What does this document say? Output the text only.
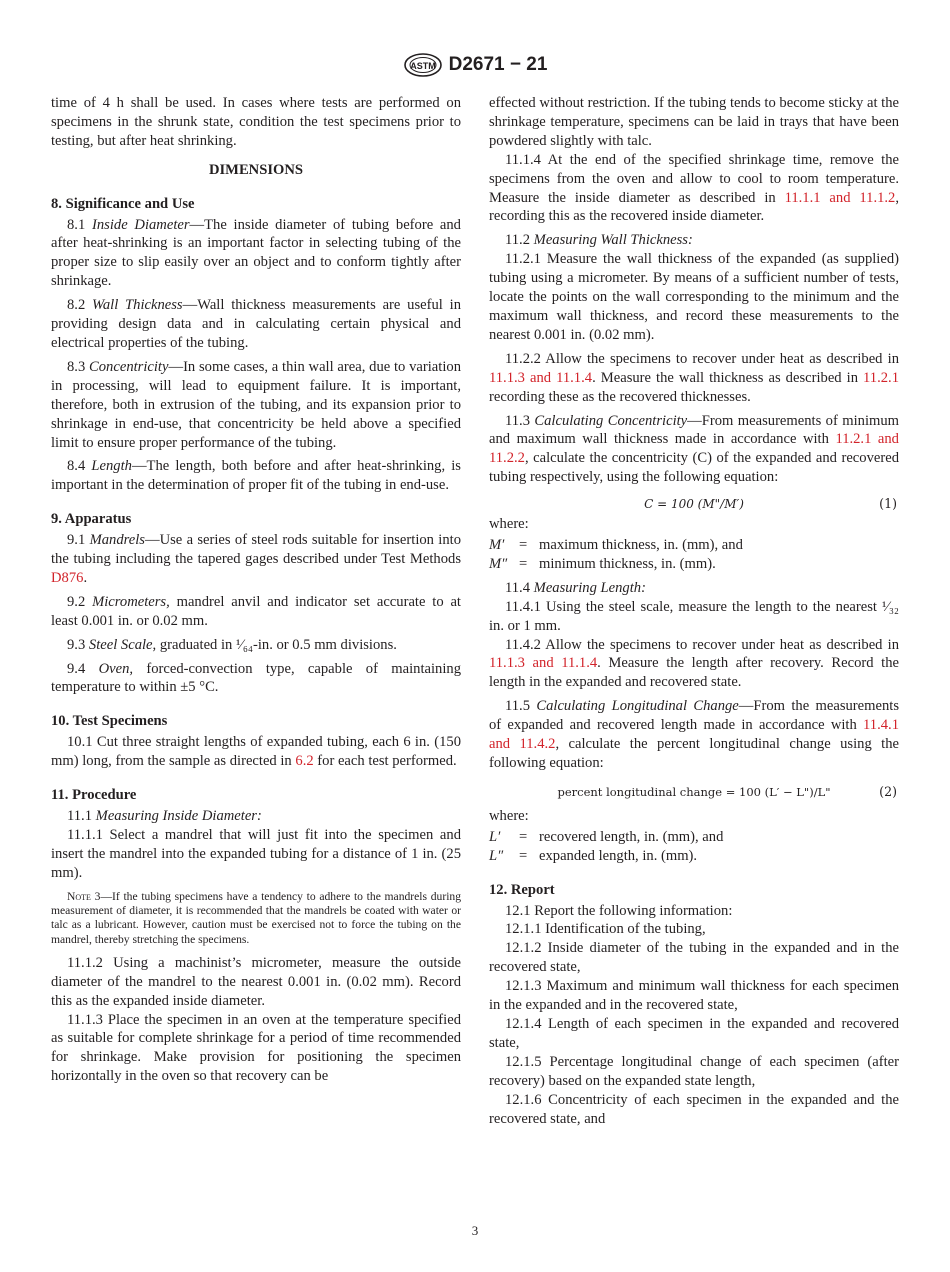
ASTM D2671 − 21

time of 4 h shall be used. In cases where tests are performed on specimens in the shrunk state, condition the test specimens prior to testing, but after heat shrinking.

DIMENSIONS
8. Significance and Use

8.1 Inside Diameter—The inside diameter of tubing before and after heat-shrinking is an important factor in selecting tubing of the proper size to slip easily over an object and to conform tightly after shrinkage.

8.2 Wall Thickness—Wall thickness measurements are useful in providing design data and in calculating certain physical and electrical properties of the tubing.

8.3 Concentricity—In some cases, a thin wall area, due to variation in processing, will lead to equipment failure. It is important, therefore, both in extrusion of the tubing, and its expansion prior to shrinkage in end-use, that concentricity be held above a specified limit to ensure proper performance of the tubing.

8.4 Length—The length, both before and after heat-shrinking, is important in the determination of proper fit of the tubing in end-use.

9. Apparatus

9.1 Mandrels—Use a series of steel rods suitable for insertion into the tubing including the tapered gages described under Test Methods D876.

9.2 Micrometers, mandrel anvil and indicator set accurate to at least 0.001 in. or 0.02 mm.

9.3 Steel Scale, graduated in ¹⁄₆₄-in. or 0.5 mm divisions.

9.4 Oven, forced-convection type, capable of maintaining temperature to within ±5 °C.

10. Test Specimens

10.1 Cut three straight lengths of expanded tubing, each 6 in. (150 mm) long, from the sample as directed in 6.2 for each test performed.

11. Procedure

11.1 Measuring Inside Diameter:

11.1.1 Select a mandrel that will just fit into the specimen and insert the mandrel into the expanded tubing for a distance of 1 in. (25 mm).

Note 3—If the tubing specimens have a tendency to adhere to the mandrels during measurement of diameter, it is recommended that the mandrels be coated with water or talc as a lubricant. However, caution must be exercised not to force the tubing on the mandrel, thereby stretching the specimens.

11.1.2 Using a machinist’s micrometer, measure the outside diameter of the mandrel to the nearest 0.001 in. (0.02 mm). Record this as the expanded inside diameter.

11.1.3 Place the specimen in an oven at the temperature specified as suitable for complete shrinkage for a period of time recommended for shrinkage. Make provision for positioning the specimen horizontally in the oven so that recovery can be

effected without restriction. If the tubing tends to become sticky at the shrinkage temperature, specimens can be laid in trays that have been powdered slightly with talc.

11.1.4 At the end of the specified shrinkage time, remove the specimens from the oven and allow to cool to room temperature. Measure the inside diameter as described in 11.1.1 and 11.1.2, recording this as the recovered inside diameter.

11.2 Measuring Wall Thickness:

11.2.1 Measure the wall thickness of the expanded (as supplied) tubing using a micrometer. By means of a sufficient number of tests, locate the points on the wall corresponding to the minimum and the maximum wall thickness, and record these measurements to the nearest 0.001 in. (0.02 mm).

11.2.2 Allow the specimens to recover under heat as described in 11.1.3 and 11.1.4. Measure the wall thickness as described in 11.2.1 recording these as the recovered thicknesses.

11.3 Calculating Concentricity—From measurements of minimum and maximum wall thickness made in accordance with 11.2.1 and 11.2.2, calculate the concentricity (C) of the expanded and recovered tubing respectively, using the following equation:

C = 100 (M"/M′)	(1)

where:

M′	= maximum thickness, in. (mm), and
M″ = minimum thickness, in. (mm).

11.4 Measuring Length:

11.4.1 Using the steel scale, measure the length to the nearest ¹⁄₃₂ in. or 1 mm.

11.4.2 Allow the specimens to recover under heat as described in 11.1.3 and 11.1.4. Measure the length after recovery. Record the length in the expanded and recovered state.

11.5 Calculating Longitudinal Change—From the measurements of expanded and recovered length made in accordance with 11.4.1 and 11.4.2, calculate the percent longitudinal change using the following equation:

percent longitudinal change = 100 (L′ − L")/L"	(2)

where:

L′	= recovered length, in. (mm), and
L″	= expanded length, in. (mm).
12. Report

12.1 Report the following information:

12.1.1 Identification of the tubing,

12.1.2 Inside diameter of the tubing in the expanded and in the recovered state,

12.1.3 Maximum and minimum wall thickness for each specimen in the expanded and in the recovered state,

12.1.4 Length of each specimen in the expanded and recovered state,

12.1.5 Percentage longitudinal change of each specimen (after recovery) based on the expanded state length,

12.1.6 Concentricity of each specimen in the expanded and the recovered state, and

3
